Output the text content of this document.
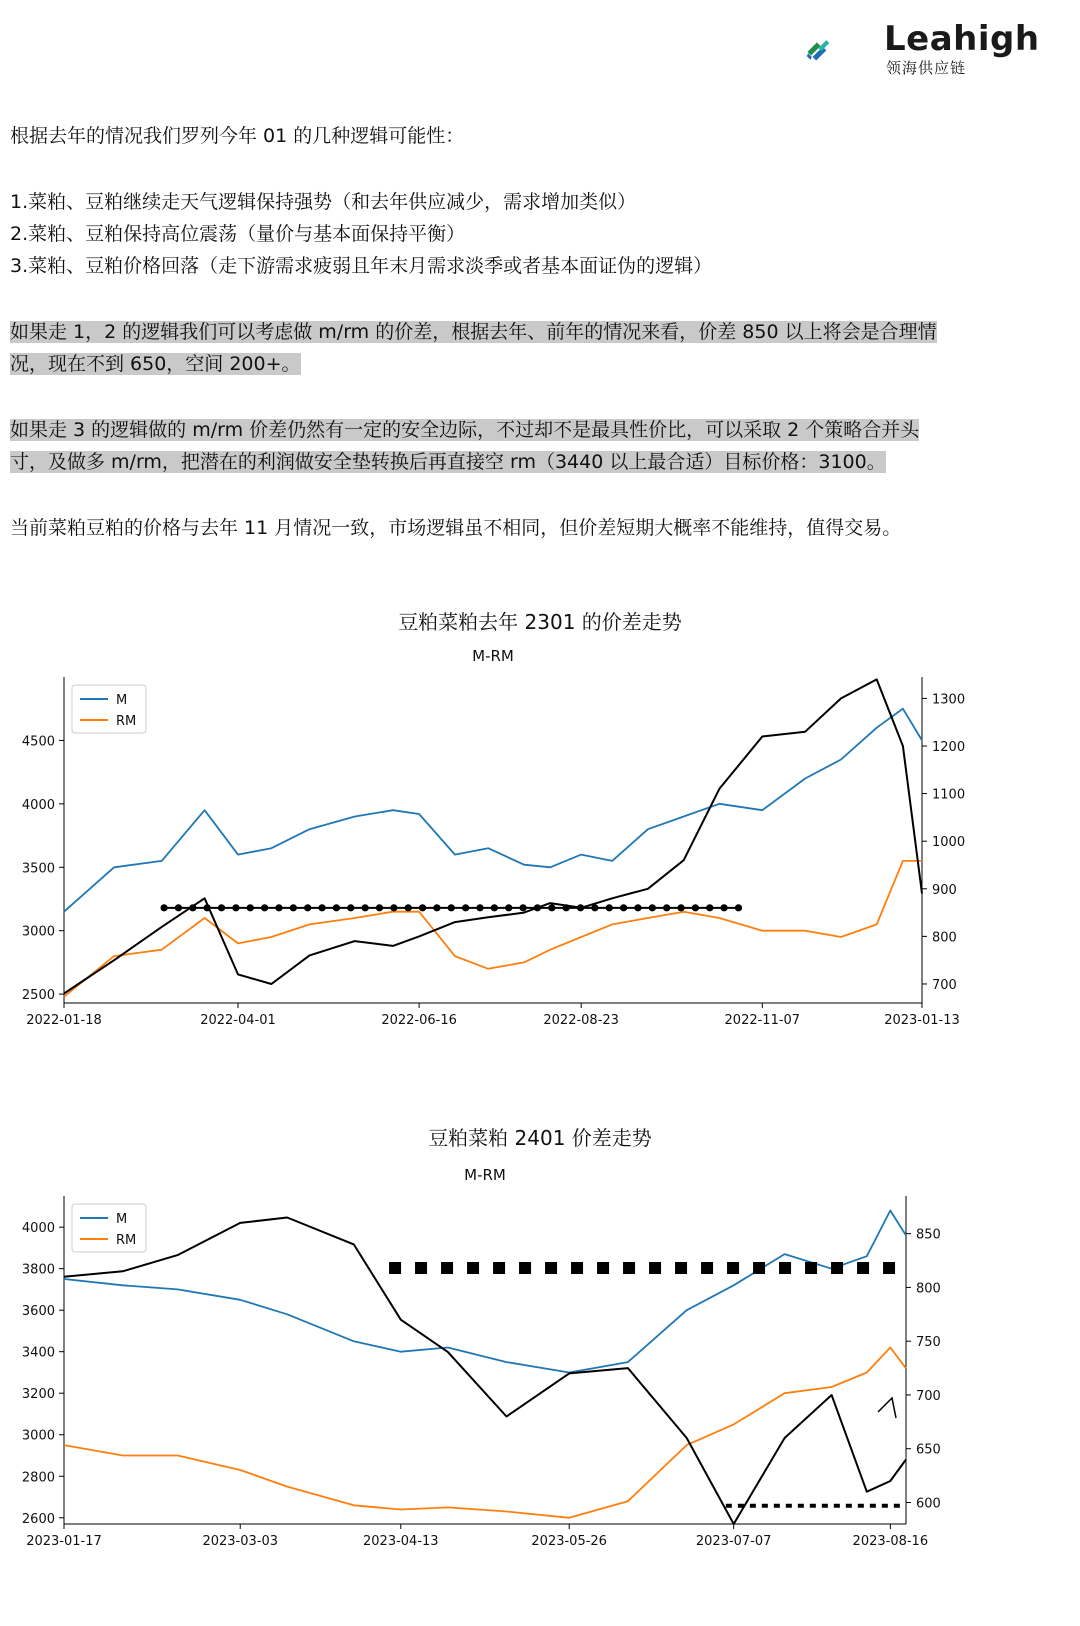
Leahigh
领海供应链

根据去年的情况我们罗列今年 01 的几种逻辑可能性：

1.菜粕、豆粕继续走天气逻辑保持强势（和去年供应减少，需求增加类似）

2.菜粕、豆粕保持高位震荡（量价与基本面保持平衡）

3.菜粕、豆粕价格回落（走下游需求疲弱且年末月需求淡季或者基本面证伪的逻辑）

如果走 1，2 的逻辑我们可以考虑做 m/rm 的价差，根据去年、前年的情况来看，价差 850 以上将会是合理情

况，现在不到 650，空间 200+。

如果走 3 的逻辑做的 m/rm 价差仍然有一定的安全边际，不过却不是最具性价比，可以采取 2 个策略合并头

寸，及做多 m/rm，把潜在的利润做安全垫转换后再直接空 rm（3440 以上最合适）目标价格：3100。

当前菜粕豆粕的价格与去年 11 月情况一致，市场逻辑虽不相同，但价差短期大概率不能维持，值得交易。

豆粕菜粕去年 2301 的价差走势
M-RM
2500
3000
3500
4000
4500
700
800
900
1000
1100
1200
1300
2022-01-18	2022-04-01	2022-06-16	2022-08-23	2022-11-07	2023-01-13
M
RM
豆粕菜粕 2401 价差走势
M-RM
2600
2800
3000
3200
3400
3600
3800
4000
600
650
700
750
800
850
2023-01-17	2023-03-03	2023-04-13	2023-05-26	2023-07-07	2023-08-16
M
RM
